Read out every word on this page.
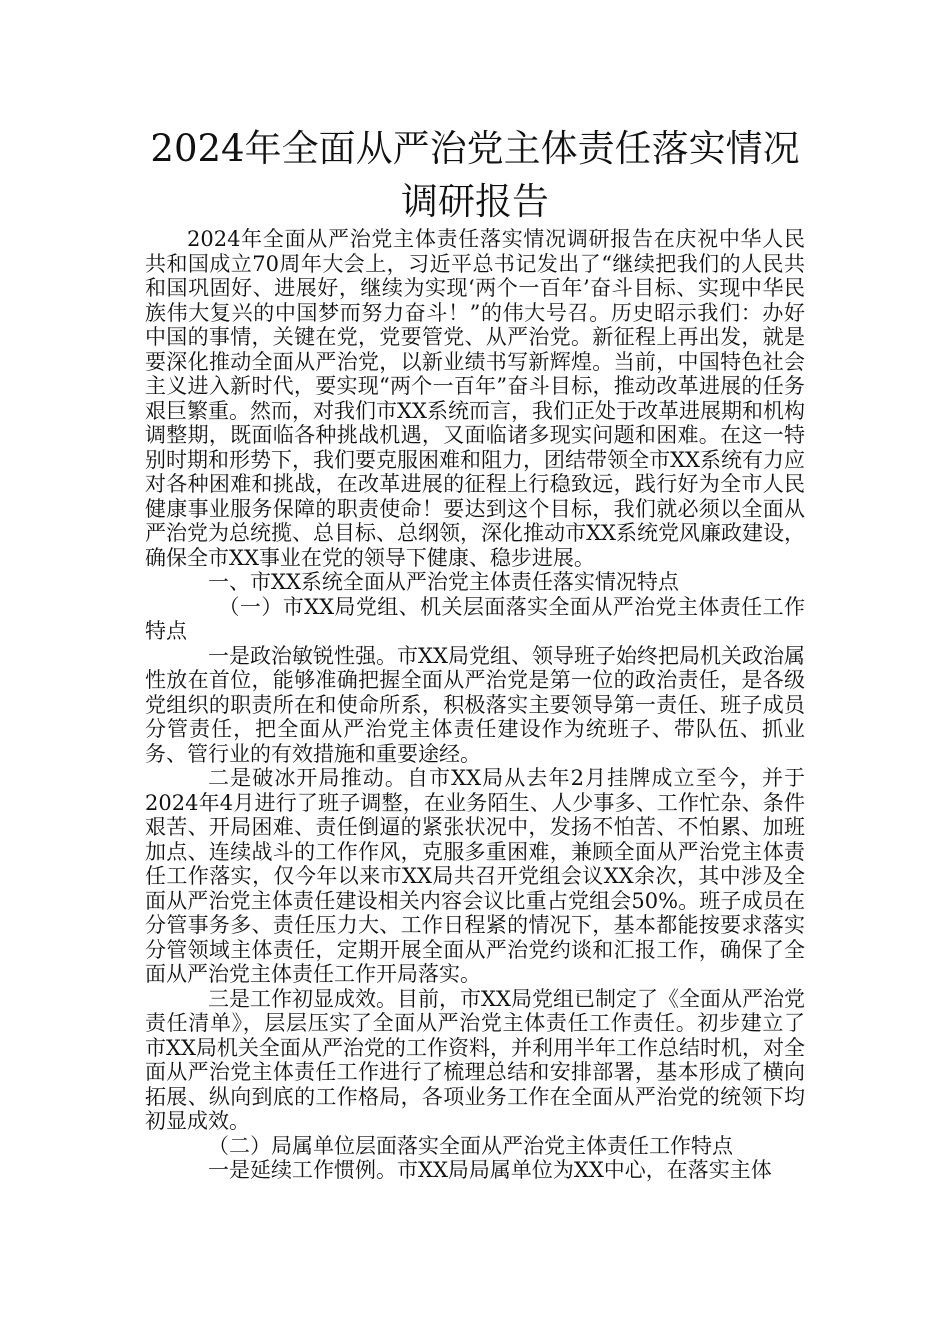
2024年全面从严治党主体责任落实情况调研报告

2024年全面从严治党主体责任落实情况调研报告在庆祝中华人民共和国成立70周年大会上，习近平总书记发出了“继续把我们的人民共和国巩固好、进展好，继续为实现‘两个一百年’奋斗目标、实现中华民族伟大复兴的中国梦而努力奋斗！”的伟大号召。历史昭示我们：办好中国的事情，关键在党，党要管党、从严治党。新征程上再出发，就是要深化推动全面从严治党，以新业绩书写新辉煌。当前，中国特色社会主义进入新时代，要实现“两个一百年”奋斗目标，推动改革进展的任务艰巨繁重。然而，对我们市XX系统而言，我们正处于改革进展期和机构调整期，既面临各种挑战机遇，又面临诸多现实问题和困难。在这一特别时期和形势下，我们要克服困难和阻力，团结带领全市XX系统有力应对各种困难和挑战，在改革进展的征程上行稳致远，践行好为全市人民健康事业服务保障的职责使命！要达到这个目标，我们就必须以全面从严治党为总统揽、总目标、总纲领，深化推动市XX系统党风廉政建设，确保全市XX事业在党的领导下健康、稳步进展。

一、市XX系统全面从严治党主体责任落实情况特点

（一）市XX局党组、机关层面落实全面从严治党主体责任工作特点

一是政治敏锐性强。市XX局党组、领导班子始终把局机关政治属性放在首位，能够准确把握全面从严治党是第一位的政治责任，是各级党组织的职责所在和使命所系，积极落实主要领导第一责任、班子成员分管责任，把全面从严治党主体责任建设作为统班子、带队伍、抓业务、管行业的有效措施和重要途经。

二是破冰开局推动。自市XX局从去年2月挂牌成立至今，并于2024年4月进行了班子调整，在业务陌生、人少事多、工作忙杂、条件艰苦、开局困难、责任倒逼的紧张状况中，发扬不怕苦、不怕累、加班加点、连续战斗的工作作风，克服多重困难，兼顾全面从严治党主体责任工作落实，仅今年以来市XX局共召开党组会议XX余次，其中涉及全面从严治党主体责任建设相关内容会议比重占党组会50%。班子成员在分管事务多、责任压力大、工作日程紧的情况下，基本都能按要求落实分管领域主体责任，定期开展全面从严治党约谈和汇报工作，确保了全面从严治党主体责任工作开局落实。

三是工作初显成效。目前，市XX局党组已制定了《全面从严治党责任清单》，层层压实了全面从严治党主体责任工作责任。初步建立了市XX局机关全面从严治党的工作资料，并利用半年工作总结时机，对全面从严治党主体责任工作进行了梳理总结和安排部署，基本形成了横向拓展、纵向到底的工作格局，各项业务工作在全面从严治党的统领下均初显成效。

（二）局属单位层面落实全面从严治党主体责任工作特点

一是延续工作惯例。市XX局局属单位为XX中心，在落实主体
